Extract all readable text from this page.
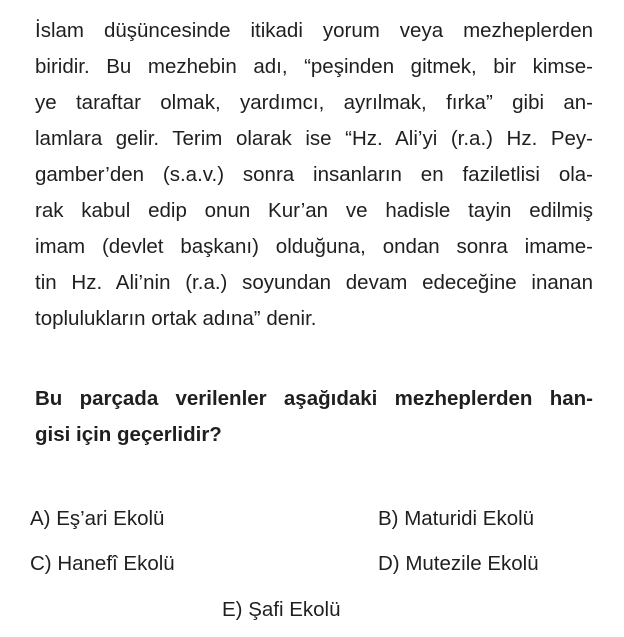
İslam düşüncesinde itikadi yorum veya mezheplerden
biridir. Bu mezhebin adı, “peşinden gitmek, bir kimse-
ye taraftar olmak, yardımcı, ayrılmak, fırka” gibi an-
lamlara gelir. Terim olarak ise “Hz. Ali’yi (r.a.) Hz. Pey-
gamber’den (s.a.v.) sonra insanların en faziletlisi ola-
rak kabul edip onun Kur’an ve hadisle tayin edilmiş
imam (devlet başkanı) olduğuna, ondan sonra imame-
tin Hz. Ali’nin (r.a.) soyundan devam edeceğine inanan
toplulukların ortak adına” denir.
Bu parçada verilenler aşağıdaki mezheplerden han-
gisi için geçerlidir?
A) Eş’ari Ekolü	B) Maturidi Ekolü
C) Hanefî Ekolü	D) Mutezile Ekolü
E) Şafi Ekolü
